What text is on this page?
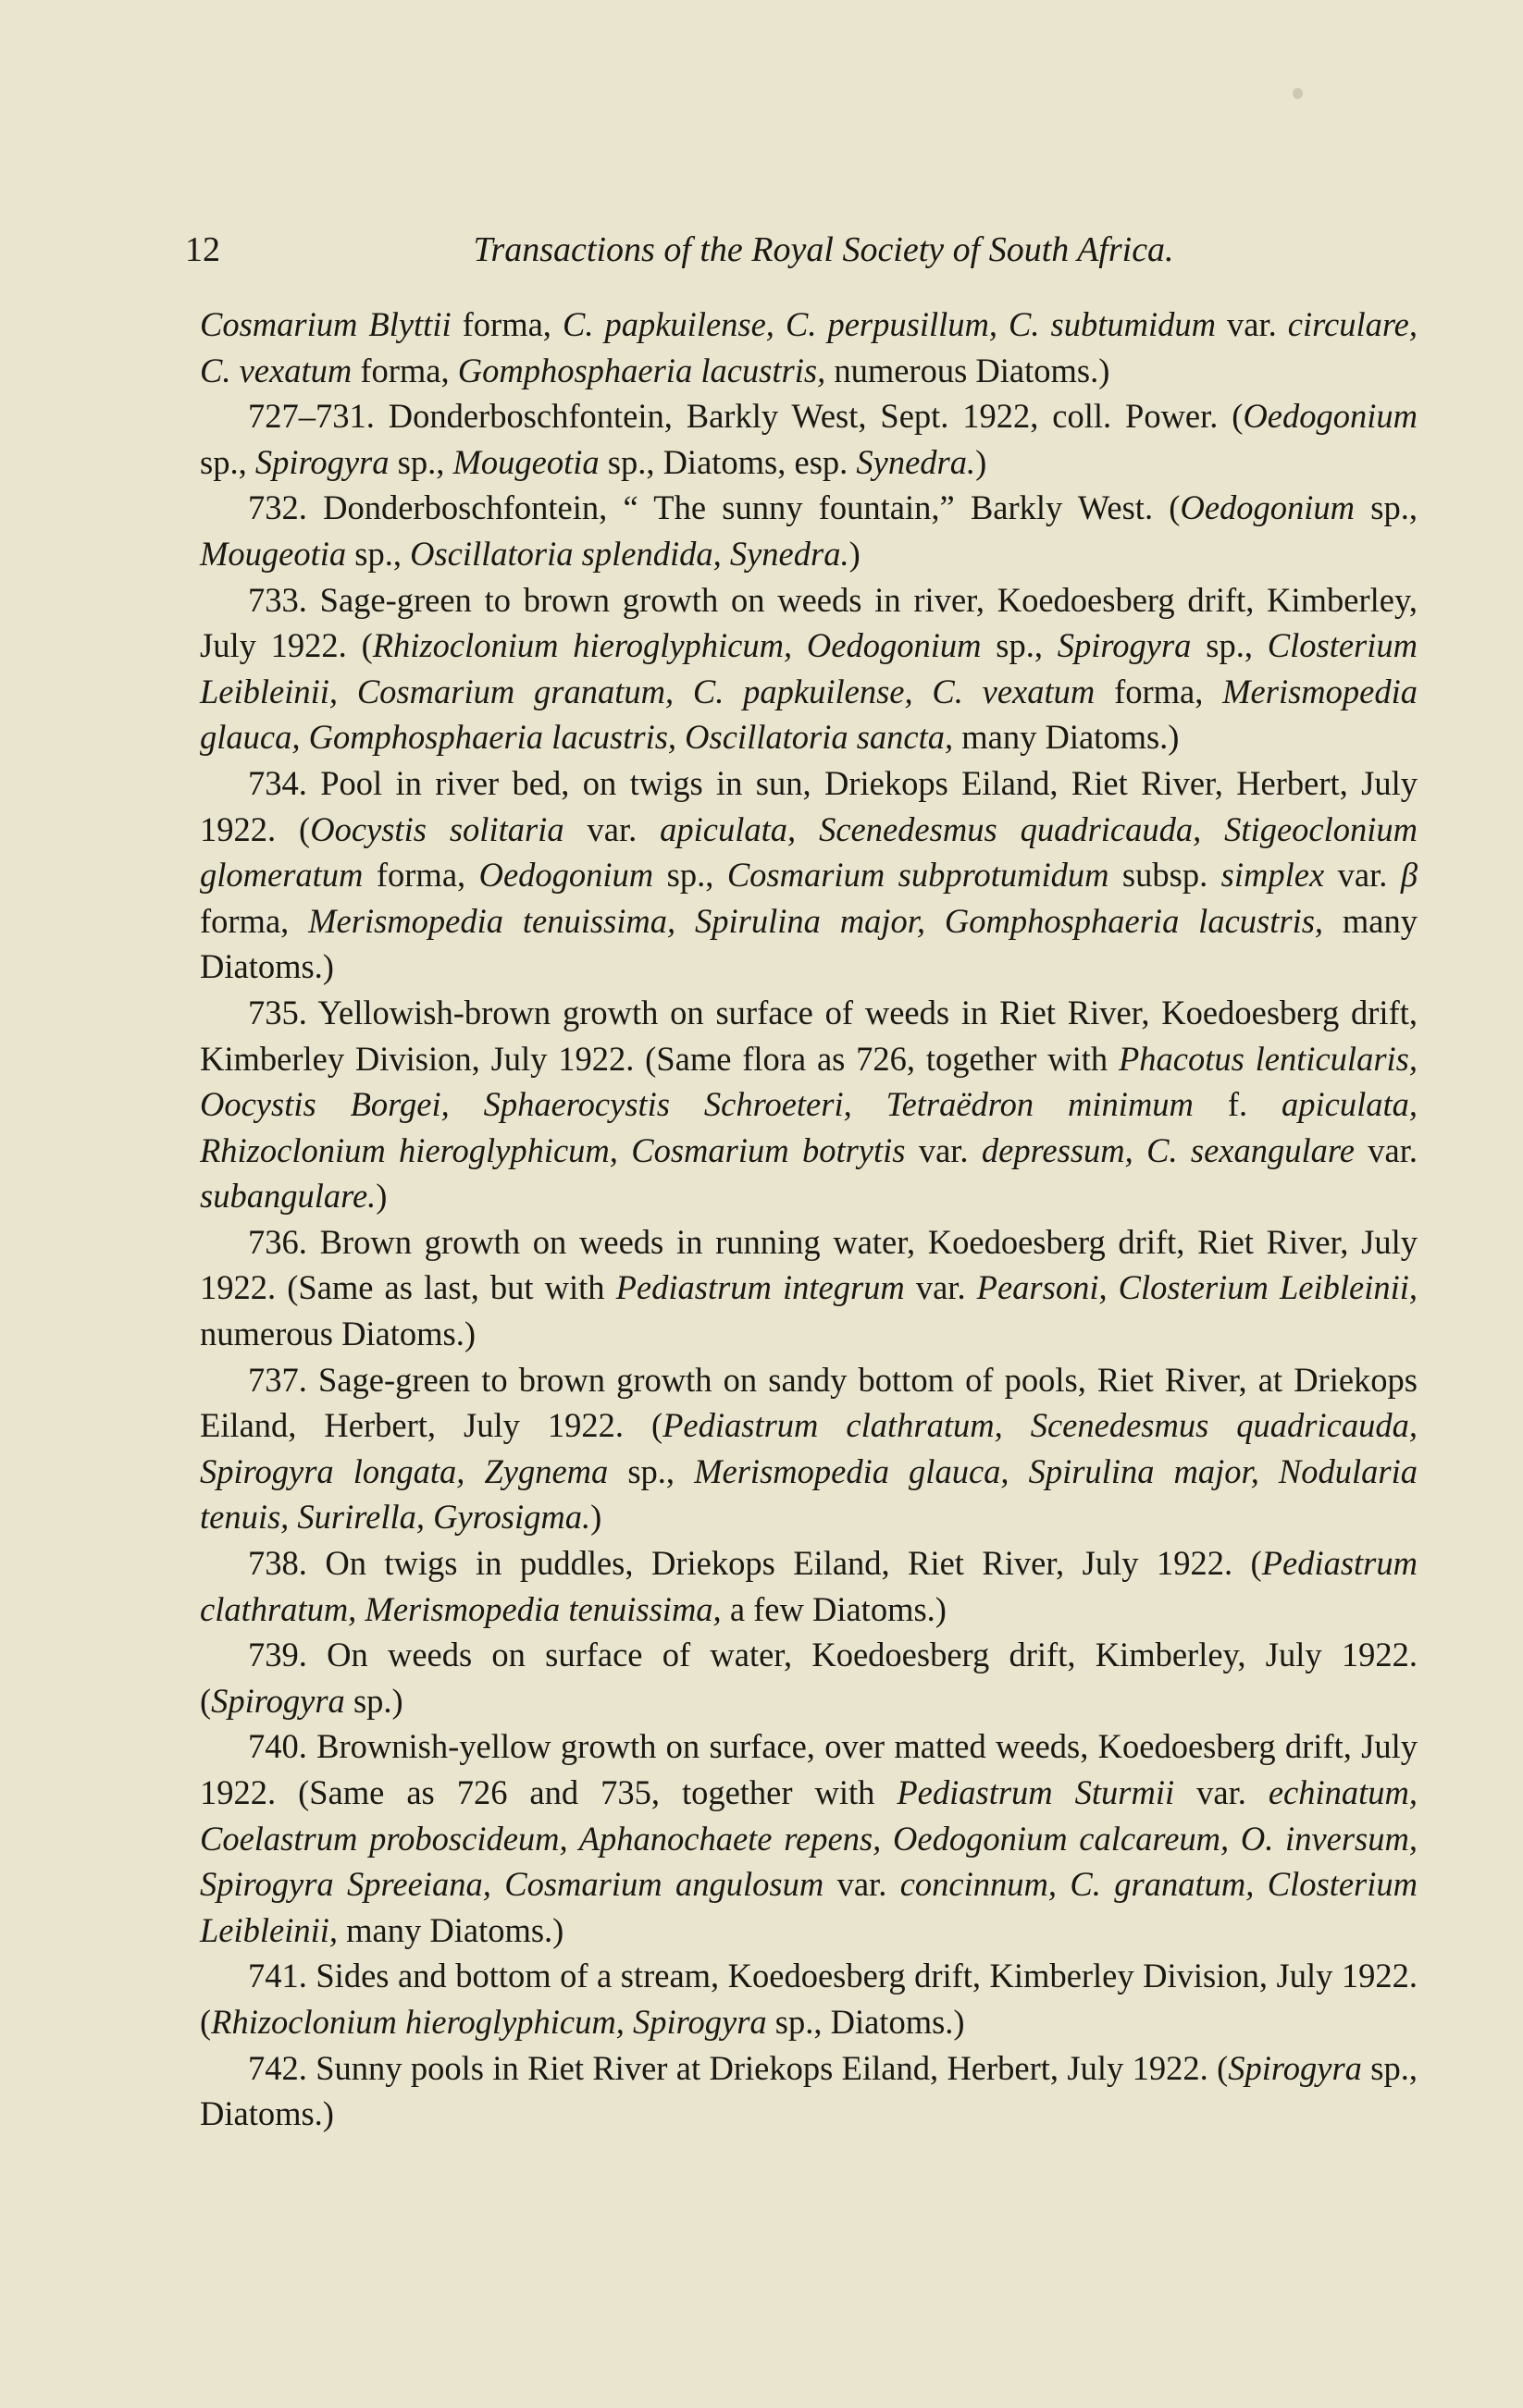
12	Transactions of the Royal Society of South Africa.

Cosmarium Blyttii forma, C. papkuilense, C. perpusillum, C. subtumidum var. circulare, C. vexatum forma, Gomphosphaeria lacustris, numerous Diatoms.)

727–731. Donderboschfontein, Barkly West, Sept. 1922, coll. Power. (Oedogonium sp., Spirogyra sp., Mougeotia sp., Diatoms, esp. Synedra.)

732. Donderboschfontein, “ The sunny fountain,” Barkly West. (Oedogonium sp., Mougeotia sp., Oscillatoria splendida, Synedra.)

733. Sage-green to brown growth on weeds in river, Koedoesberg drift, Kimberley, July 1922. (Rhizoclonium hieroglyphicum, Oedogonium sp., Spirogyra sp., Closterium Leibleinii, Cosmarium granatum, C. papkuilense, C. vexatum forma, Merismopedia glauca, Gomphosphaeria lacustris, Oscillatoria sancta, many Diatoms.)

734. Pool in river bed, on twigs in sun, Driekops Eiland, Riet River, Herbert, July 1922. (Oocystis solitaria var. apiculata, Scenedesmus quadricauda, Stigeoclonium glomeratum forma, Oedogonium sp., Cosmarium subprotumidum subsp. simplex var. β forma, Merismopedia tenuissima, Spirulina major, Gomphosphaeria lacustris, many Diatoms.)

735. Yellowish-brown growth on surface of weeds in Riet River, Koedoesberg drift, Kimberley Division, July 1922. (Same flora as 726, together with Phacotus lenticularis, Oocystis Borgei, Sphaerocystis Schroeteri, Tetraëdron minimum f. apiculata, Rhizoclonium hieroglyphicum, Cosmarium botrytis var. depressum, C. sexangulare var. subangulare.)

736. Brown growth on weeds in running water, Koedoesberg drift, Riet River, July 1922. (Same as last, but with Pediastrum integrum var. Pearsoni, Closterium Leibleinii, numerous Diatoms.)

737. Sage-green to brown growth on sandy bottom of pools, Riet River, at Driekops Eiland, Herbert, July 1922. (Pediastrum clathratum, Scenedesmus quadricauda, Spirogyra longata, Zygnema sp., Merismopedia glauca, Spirulina major, Nodularia tenuis, Surirella, Gyrosigma.)

738. On twigs in puddles, Driekops Eiland, Riet River, July 1922. (Pediastrum clathratum, Merismopedia tenuissima, a few Diatoms.)

739. On weeds on surface of water, Koedoesberg drift, Kimberley, July 1922. (Spirogyra sp.)

740. Brownish-yellow growth on surface, over matted weeds, Koedoesberg drift, July 1922. (Same as 726 and 735, together with Pediastrum Sturmii var. echinatum, Coelastrum proboscideum, Aphanochaete repens, Oedogonium calcareum, O. inversum, Spirogyra Spreeiana, Cosmarium angulosum var. concinnum, C. granatum, Closterium Leibleinii, many Diatoms.)

741. Sides and bottom of a stream, Koedoesberg drift, Kimberley Division, July 1922. (Rhizoclonium hieroglyphicum, Spirogyra sp., Diatoms.)

742. Sunny pools in Riet River at Driekops Eiland, Herbert, July 1922. (Spirogyra sp., Diatoms.)
